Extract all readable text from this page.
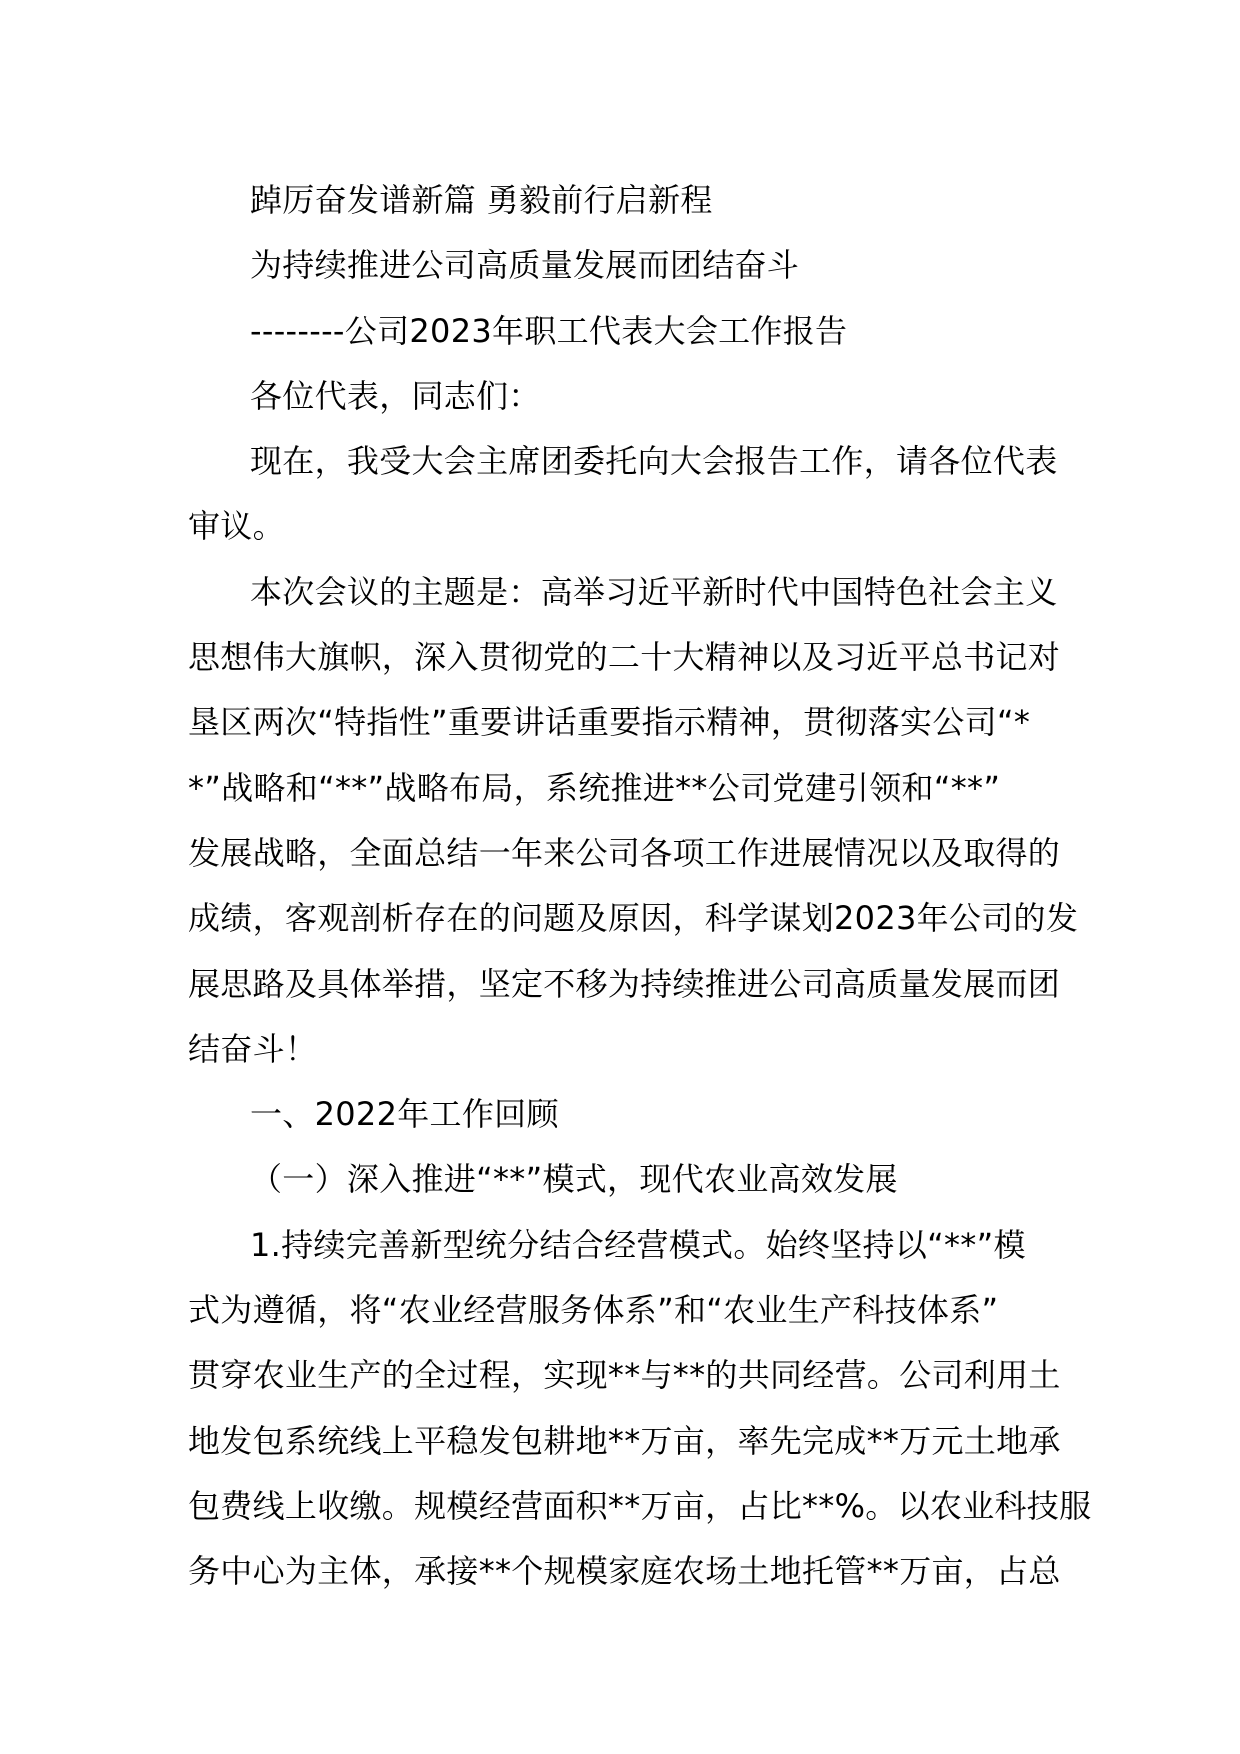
踔厉奋发谱新篇 勇毅前行启新程

为持续推进公司高质量发展而团结奋斗

--------公司2023年职工代表大会工作报告

各位代表，同志们：

现在，我受大会主席团委托向大会报告工作，请各位代表

审议。

本次会议的主题是：高举习近平新时代中国特色社会主义

思想伟大旗帜，深入贯彻党的二十大精神以及习近平总书记对

垦区两次“特指性”重要讲话重要指示精神，贯彻落实公司“*

*”战略和“**”战略布局，系统推进**公司党建引领和“**”

发展战略，全面总结一年来公司各项工作进展情况以及取得的

成绩，客观剖析存在的问题及原因，科学谋划2023年公司的发

展思路及具体举措，坚定不移为持续推进公司高质量发展而团

结奋斗！

一、2022年工作回顾

（一）深入推进“**”模式，现代农业高效发展

1.持续完善新型统分结合经营模式。始终坚持以“**”模

式为遵循，将“农业经营服务体系”和“农业生产科技体系”

贯穿农业生产的全过程，实现**与**的共同经营。公司利用土

地发包系统线上平稳发包耕地**万亩，率先完成**万元土地承

包费线上收缴。规模经营面积**万亩，占比**%。以农业科技服

务中心为主体，承接**个规模家庭农场土地托管**万亩，占总
